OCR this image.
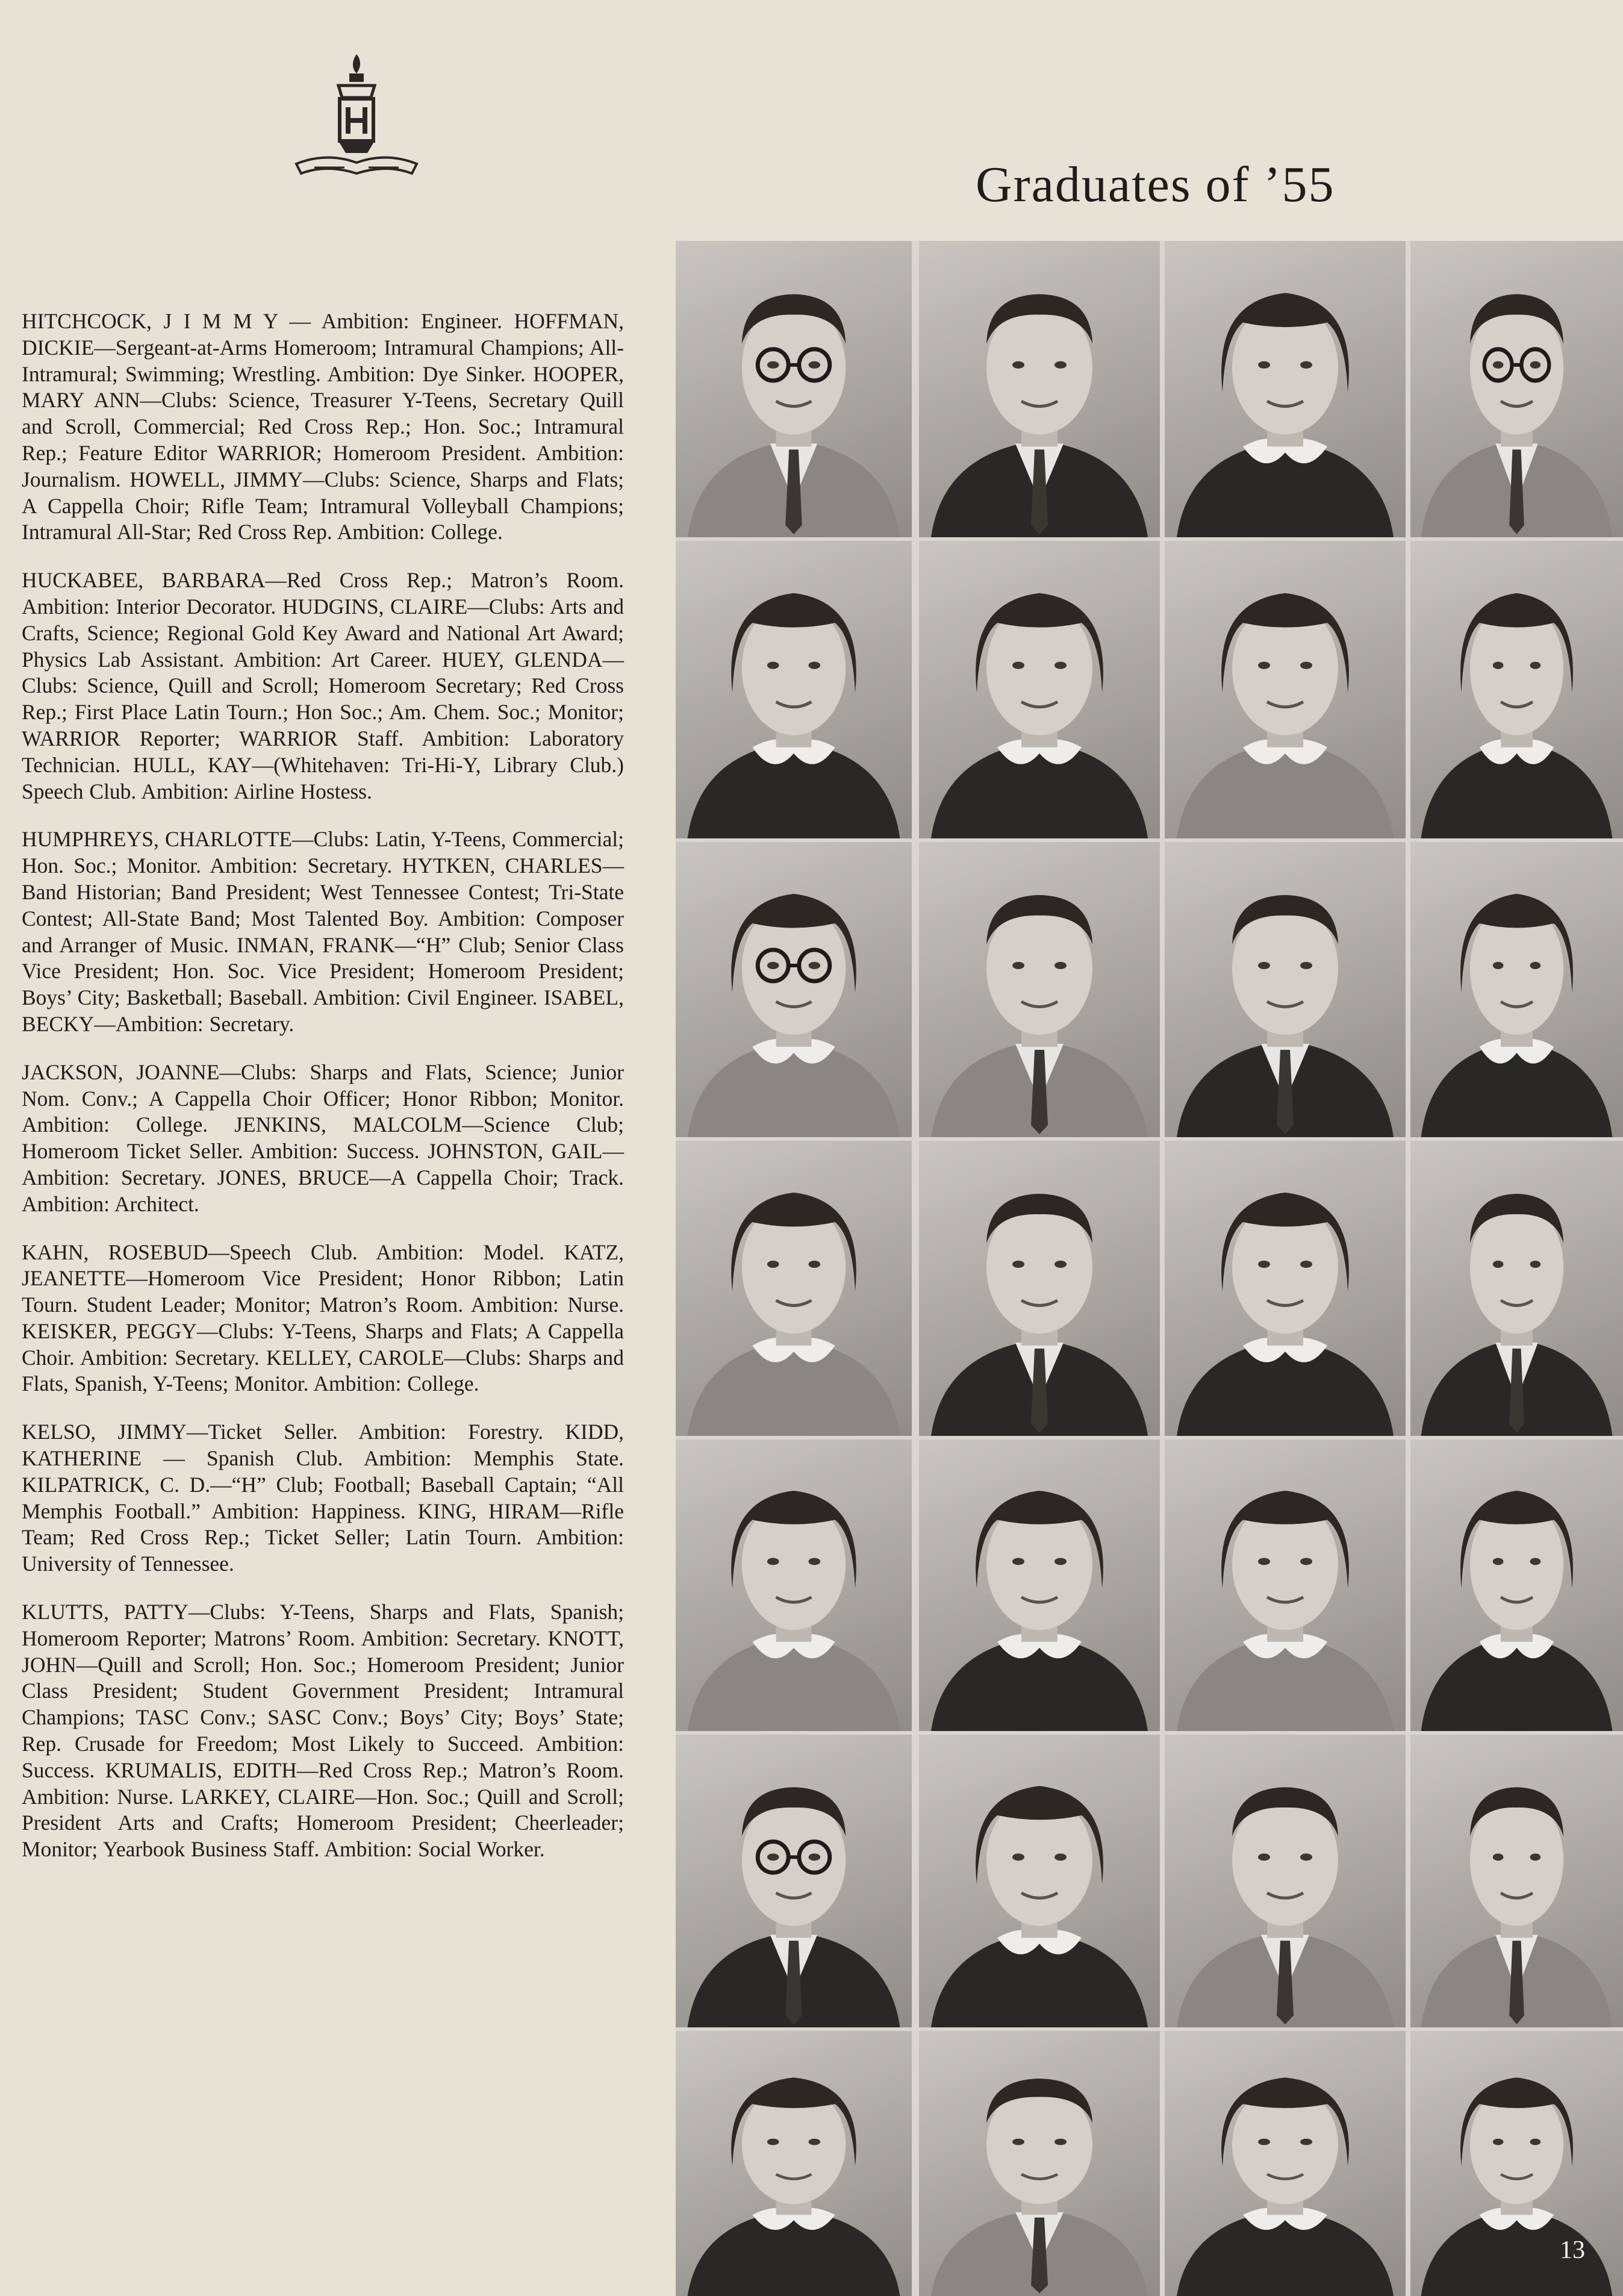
Graduates of ’55

HITCHCOCK, J I M M Y — Ambition: Engineer. HOFFMAN, DICKIE—Sergeant-at-Arms Homeroom; Intramural Champions; All-Intramural; Swimming; Wrestling. Ambition: Dye Sinker. HOOPER, MARY ANN—Clubs: Science, Treasurer Y-Teens, Secretary Quill and Scroll, Commercial; Red Cross Rep.; Hon. Soc.; Intramural Rep.; Feature Editor WARRIOR; Homeroom President. Ambition: Journalism. HOWELL, JIMMY—Clubs: Science, Sharps and Flats; A Cappella Choir; Rifle Team; Intramural Volleyball Champions; Intramural All-Star; Red Cross Rep. Ambition: College.

HUCKABEE, BARBARA—Red Cross Rep.; Matron’s Room. Ambition: Interior Decorator. HUDGINS, CLAIRE—Clubs: Arts and Crafts, Science; Regional Gold Key Award and National Art Award; Physics Lab Assistant. Ambition: Art Career. HUEY, GLENDA—Clubs: Science, Quill and Scroll; Homeroom Secretary; Red Cross Rep.; First Place Latin Tourn.; Hon Soc.; Am. Chem. Soc.; Monitor; WARRIOR Reporter; WARRIOR Staff. Ambition: Laboratory Technician. HULL, KAY—(Whitehaven: Tri-Hi-Y, Library Club.) Speech Club. Ambition: Airline Hostess.

HUMPHREYS, CHARLOTTE—Clubs: Latin, Y-Teens, Commercial; Hon. Soc.; Monitor. Ambition: Secretary. HYTKEN, CHARLES—Band Historian; Band President; West Tennessee Contest; Tri-State Contest; All-State Band; Most Talented Boy. Ambition: Composer and Arranger of Music. INMAN, FRANK—“H” Club; Senior Class Vice President; Hon. Soc. Vice President; Homeroom President; Boys’ City; Basketball; Baseball. Ambition: Civil Engineer. ISABEL, BECKY—Ambition: Secretary.

JACKSON, JOANNE—Clubs: Sharps and Flats, Science; Junior Nom. Conv.; A Cappella Choir Officer; Honor Ribbon; Monitor. Ambition: College. JENKINS, MALCOLM—Science Club; Homeroom Ticket Seller. Ambition: Success. JOHNSTON, GAIL—Ambition: Secretary. JONES, BRUCE—A Cappella Choir; Track. Ambition: Architect.

KAHN, ROSEBUD—Speech Club. Ambition: Model. KATZ, JEANETTE—Homeroom Vice President; Honor Ribbon; Latin Tourn. Student Leader; Monitor; Matron’s Room. Ambition: Nurse. KEISKER, PEGGY—Clubs: Y-Teens, Sharps and Flats; A Cappella Choir. Ambition: Secretary. KELLEY, CAROLE—Clubs: Sharps and Flats, Spanish, Y-Teens; Monitor. Ambition: College.

KELSO, JIMMY—Ticket Seller. Ambition: Forestry. KIDD, KATHERINE — Spanish Club. Ambition: Memphis State. KILPATRICK, C. D.—“H” Club; Football; Baseball Captain; “All Memphis Football.” Ambition: Happiness. KING, HIRAM—Rifle Team; Red Cross Rep.; Ticket Seller; Latin Tourn. Ambition: University of Tennessee.

KLUTTS, PATTY—Clubs: Y-Teens, Sharps and Flats, Spanish; Homeroom Reporter; Matrons’ Room. Ambition: Secretary. KNOTT, JOHN—Quill and Scroll; Hon. Soc.; Homeroom President; Junior Class President; Student Government President; Intramural Champions; TASC Conv.; SASC Conv.; Boys’ City; Boys’ State; Rep. Crusade for Freedom; Most Likely to Succeed. Ambition: Success. KRUMALIS, EDITH—Red Cross Rep.; Matron’s Room. Ambition: Nurse. LARKEY, CLAIRE—Hon. Soc.; Quill and Scroll; President Arts and Crafts; Homeroom President; Cheerleader; Monitor; Yearbook Business Staff. Ambition: Social Worker.

13
